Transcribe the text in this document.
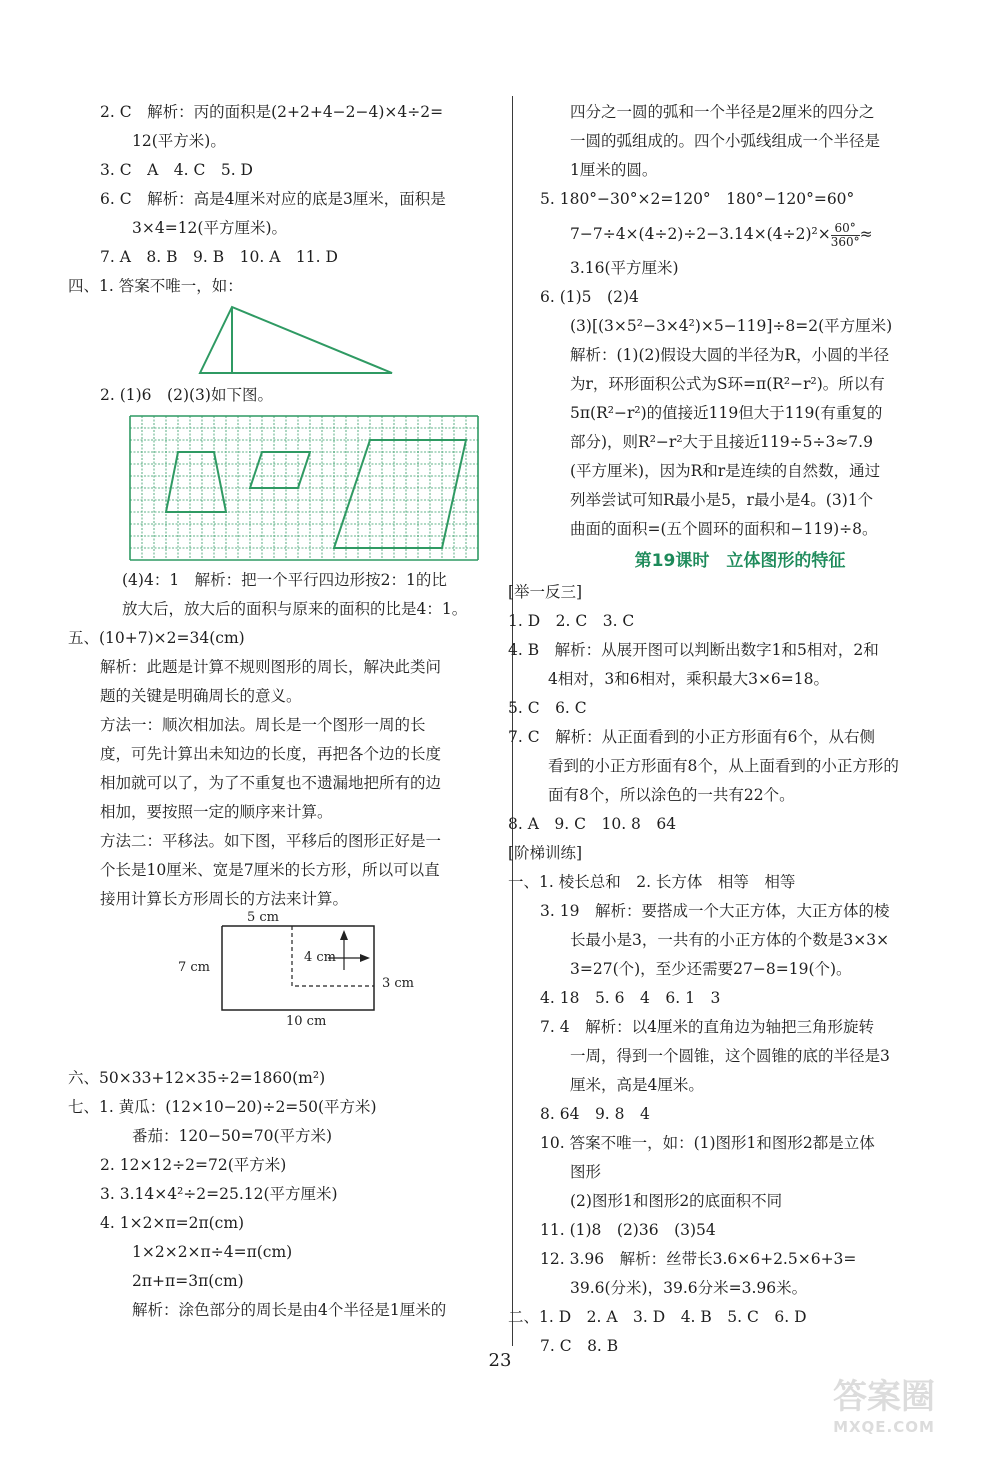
2. C　解析：丙的面积是(2+2+4−2−4)×4÷2=
12(平方米)。
3. C　A　4. C　5. D
6. C　解析：高是4厘米对应的底是3厘米，面积是
3×4=12(平方厘米)。
7. A　8. B　9. B　10. A　11. D
四、1. 答案不唯一，如：
2. (1)6　(2)(3)如下图。
(4)4：1　解析：把一个平行四边形按2：1的比
放大后，放大后的面积与原来的面积的比是4：1。
五、(10+7)×2=34(cm)
解析：此题是计算不规则图形的周长，解决此类问
题的关键是明确周长的意义。
方法一：顺次相加法。周长是一个图形一周的长
度，可先计算出未知边的长度，再把各个边的长度
相加就可以了，为了不重复也不遗漏地把所有的边
相加，要按照一定的顺序来计算。
方法二：平移法。如下图，平移后的图形正好是一
个长是10厘米、宽是7厘米的长方形，所以可以直
接用计算长方形周长的方法来计算。
5 cm
4 cm
7 cm
3 cm
10 cm
六、50×33+12×35÷2=1860(m²)
七、1. 黄瓜：(12×10−20)÷2=50(平方米)
番茄：120−50=70(平方米)
2. 12×12÷2=72(平方米)
3. 3.14×4²÷2=25.12(平方厘米)
4. 1×2×π=2π(cm)
1×2×2×π÷4=π(cm)
2π+π=3π(cm)
解析：涂色部分的周长是由4个半径是1厘米的
四分之一圆的弧和一个半径是2厘米的四分之
一圆的弧组成的。四个小弧线组成一个半径是
1厘米的圆。
5. 180°−30°×2=120°　180°−120°=60°
$7-7\div 4\times(4\div 2)\div 2-3.14\times(4\div 2)^2\times \frac{60^\circ}{360^\circ}$ ≈
3.16(平方厘米)
6. (1)5　(2)4
(3)[(3×5²−3×4²)×5−119]÷8=2(平方厘米)
解析：(1)(2)假设大圆的半径为R，小圆的半径
为r，环形面积公式为S环=π(R²−r²)。所以有
5π(R²−r²)的值接近119但大于119(有重复的
部分)，则R²−r²大于且接近119÷5÷3≈7.9
(平方厘米)，因为R和r是连续的自然数，通过
列举尝试可知R最小是5，r最小是4。(3)1个
曲面的面积=(五个圆环的面积和−119)÷8。
第19课时　立体图形的特征
[举一反三]
1. D　2. C　3. C
4. B　解析：从展开图可以判断出数字1和5相对，2和
4相对，3和6相对，乘积最大3×6=18。
5. C　6. C
7. C　解析：从正面看到的小正方形面有6个，从右侧
看到的小正方形面有8个，从上面看到的小正方形的
面有8个，所以涂色的一共有22个。
8. A　9. C　10. 8　64
[阶梯训练]
一、1. 棱长总和　2. 长方体　相等　相等
3. 19　解析：要搭成一个大正方体，大正方体的棱
长最小是3，一共有的小正方体的个数是3×3×
3=27(个)，至少还需要27−8=19(个)。
4. 18　5. 6　4　6. 1　3
7. 4　解析：以4厘米的直角边为轴把三角形旋转
一周，得到一个圆锥，这个圆锥的底的半径是3
厘米，高是4厘米。
8. 64　9. 8　4
10. 答案不唯一，如：(1)图形1和图形2都是立体
图形
(2)图形1和图形2的底面积不同
11. (1)8　(2)36　(3)54
12. 3.96　解析：丝带长3.6×6+2.5×6+3=
39.6(分米)，39.6分米=3.96米。
二、1. D　2. A　3. D　4. B　5. C　6. D
7. C　8. B
23
答案圈
MXQE.COM
